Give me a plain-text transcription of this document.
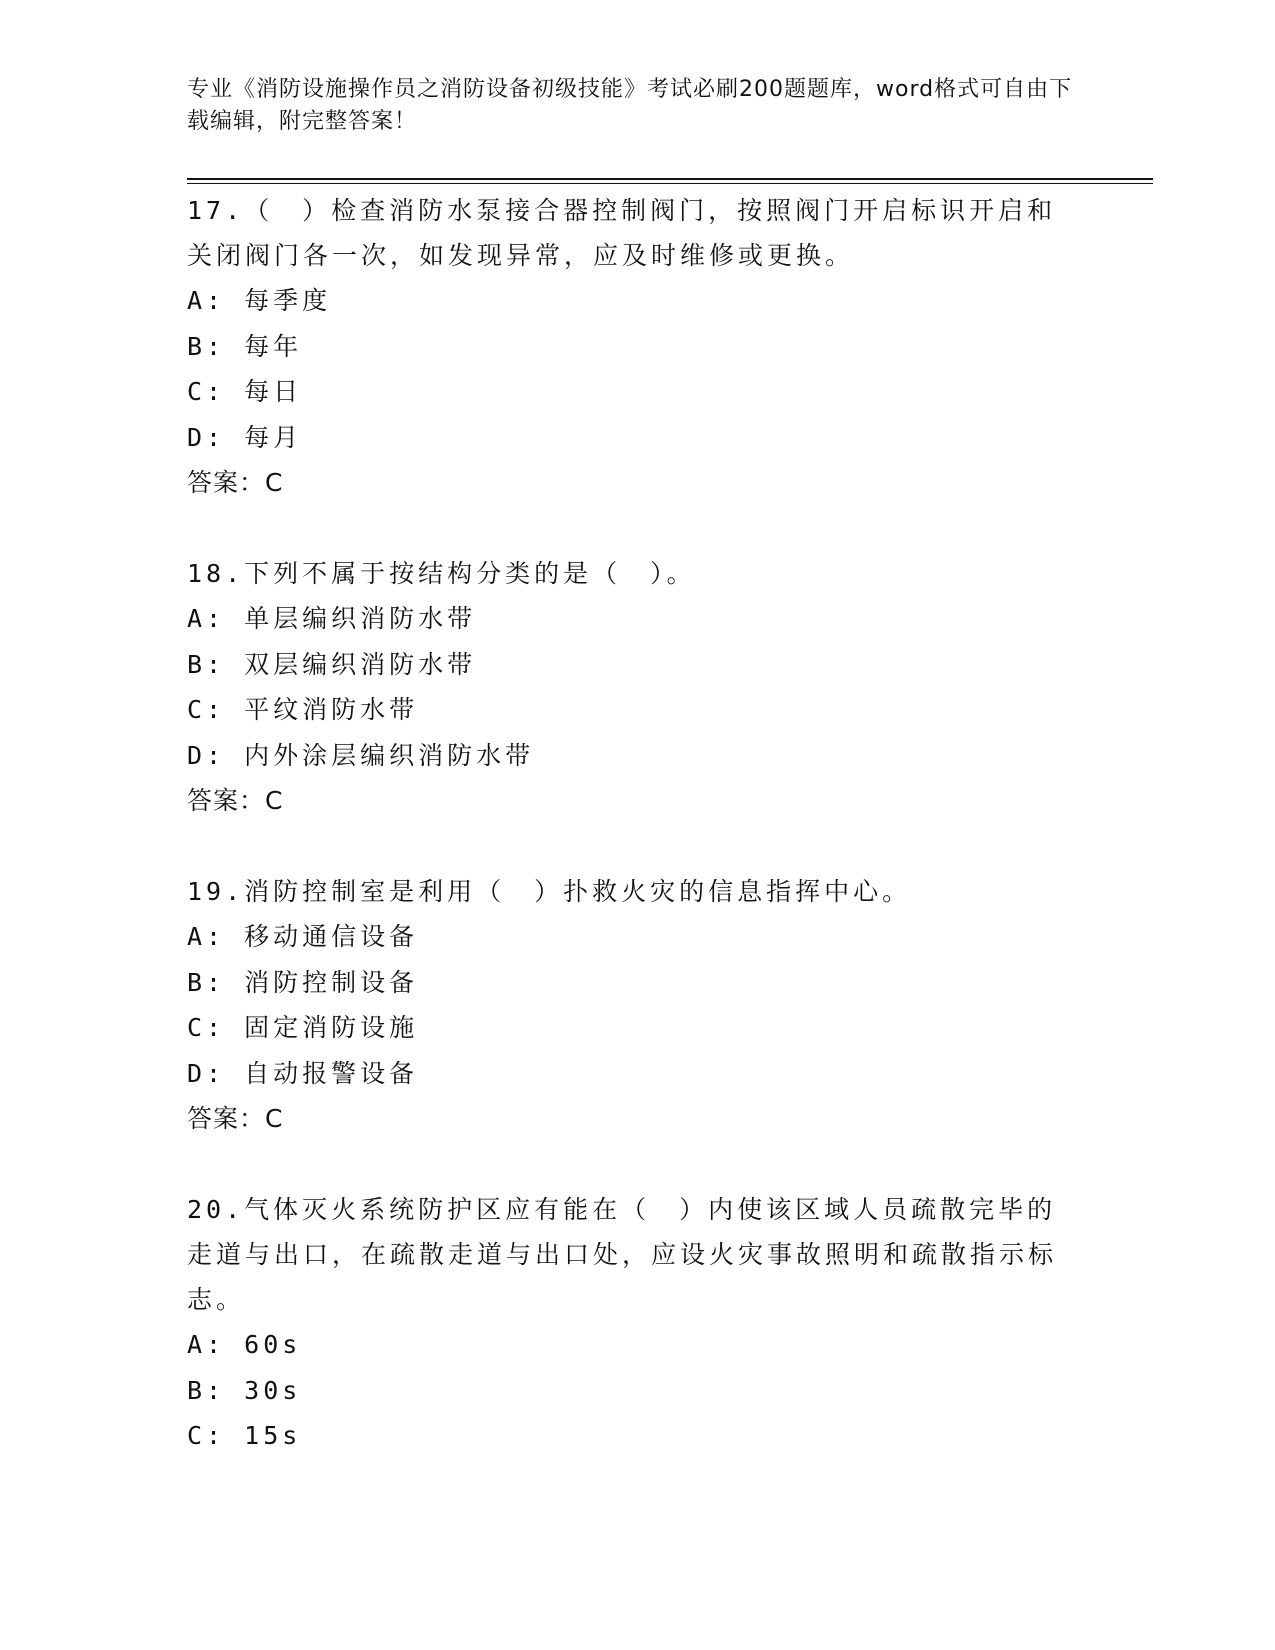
专业《消防设施操作员之消防设备初级技能》考试必刷200题题库，word格式可自由下载编辑，附完整答案！
17.（　）检查消防水泵接合器控制阀门，按照阀门开启标识开启和关闭阀门各一次，如发现异常，应及时维修或更换。
A: 每季度
B: 每年
C: 每日
D: 每月
答案：C
18.下列不属于按结构分类的是（　）。
A: 单层编织消防水带
B: 双层编织消防水带
C: 平纹消防水带
D: 内外涂层编织消防水带
答案：C
19.消防控制室是利用（　）扑救火灾的信息指挥中心。
A: 移动通信设备
B: 消防控制设备
C: 固定消防设施
D: 自动报警设备
答案：C
20.气体灭火系统防护区应有能在（　）内使该区域人员疏散完毕的走道与出口，在疏散走道与出口处，应设火灾事故照明和疏散指示标志。
A: 60s
B: 30s
C: 15s
